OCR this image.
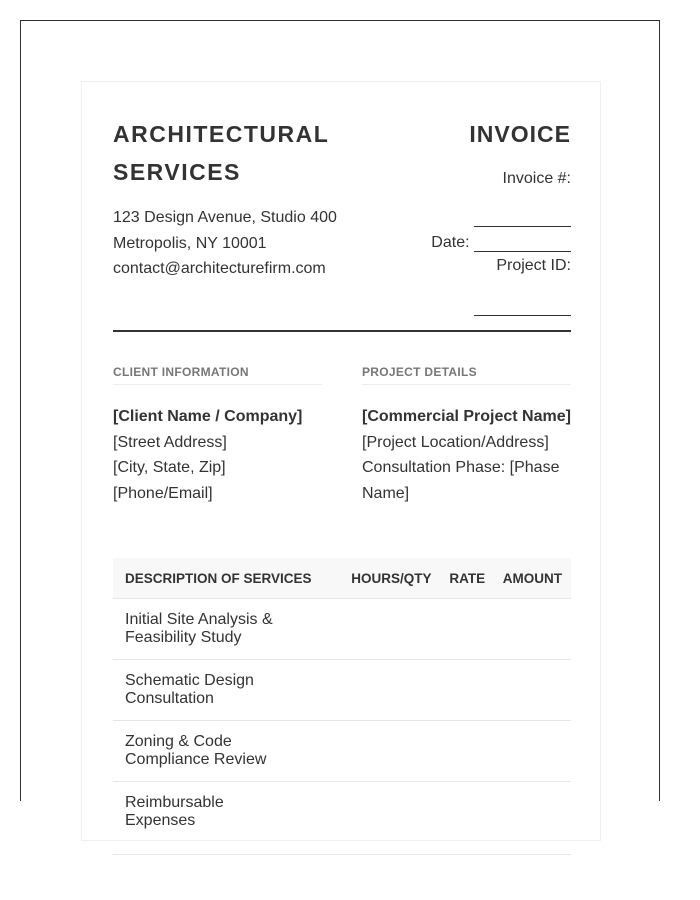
ARCHITECTURAL SERVICES
123 Design Avenue, Studio 400
Metropolis, NY 10001
contact@architecturefirm.com
INVOICE
Invoice #:
Date:
Project ID:
CLIENT INFORMATION
[Client Name / Company]
[Street Address]
[City, State, Zip]
[Phone/Email]
PROJECT DETAILS
[Commercial Project Name]
[Project Location/Address]
Consultation Phase: [Phase Name]
DESCRIPTION OF SERVICES	HOURS/QTY	RATE	AMOUNT

Initial Site Analysis & Feasibility Study			

Schematic Design Consultation			

Zoning & Code Compliance Review			

Reimbursable Expenses			
